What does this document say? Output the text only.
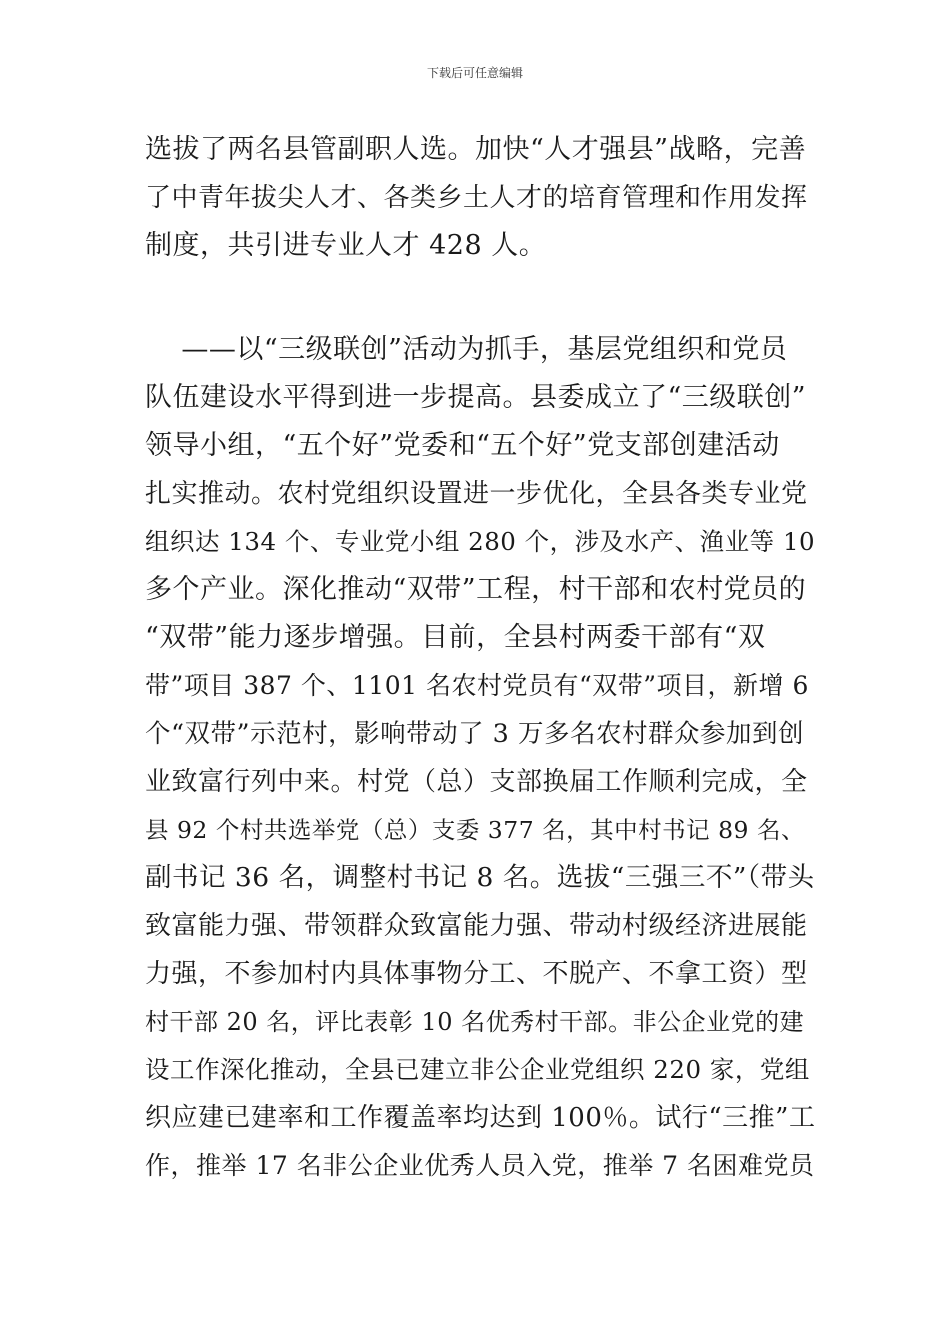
下载后可任意编辑
选拔了两名县管副职人选。加快“人才强县”战略，完善
了中青年拔尖人才、各类乡土人才的培育管理和作用发挥
制度，共引进专业人才 428 人。
——以“三级联创”活动为抓手，基层党组织和党员
队伍建设水平得到进一步提高。县委成立了“三级联创”
领导小组，“五个好”党委和“五个好”党支部创建活动
扎实推动。农村党组织设置进一步优化，全县各类专业党
组织达 134 个、专业党小组 280 个，涉及水产、渔业等 10
多个产业。深化推动“双带”工程，村干部和农村党员的
“双带”能力逐步增强。目前，全县村两委干部有“双
带”项目 387 个、1101 名农村党员有“双带”项目，新增 6
个“双带”示范村，影响带动了 3 万多名农村群众参加到创
业致富行列中来。村党（总）支部换届工作顺利完成，全
县 92 个村共选举党（总）支委 377 名，其中村书记 89 名、
副书记 36 名，调整村书记 8 名。选拔“三强三不”（带头
致富能力强、带领群众致富能力强、带动村级经济进展能
力强，不参加村内具体事物分工、不脱产、不拿工资）型
村干部 20 名，评比表彰 10 名优秀村干部。非公企业党的建
设工作深化推动，全县已建立非公企业党组织 220 家，党组
织应建已建率和工作覆盖率均达到 100％。试行“三推”工
作，推举 17 名非公企业优秀人员入党，推举 7 名困难党员
